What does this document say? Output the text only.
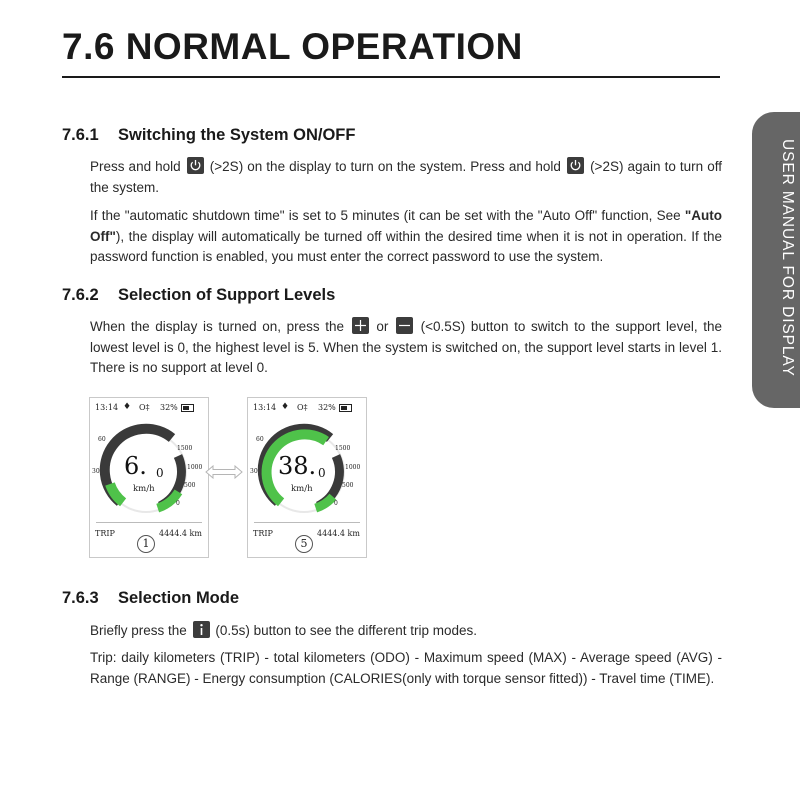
7.6 NORMAL OPERATION
USER MANUAL FOR DISPLAY
7.6.1 Switching the System ON/OFF

Press and hold (>2S) on the display to turn on the system. Press and hold (>2S) again to turn off the system.

If the "automatic shutdown time" is set to 5 minutes (it can be set with the "Auto Off" function, See "Auto Off"), the display will automatically be turned off within the desired time when it is not in operation. If the password function is enabled, you must enter the correct password to use the system.

7.6.2 Selection of Support Levels

When the display is turned on, press the or (<0.5S) button to switch to the support level, the lowest level is 0, the highest level is 5. When the system is switched on, the support level starts in level 1. There is no support at level 0.

13:14 ♦ O‡ 32%
30
60
1500
1000
500
0
6. 0
km/h
TRIP	4444.4 km
1
13:14 ♦ O‡ 32%
30
60
1500
1000
500
0
38. 0
km/h
TRIP	4444.4 km
5
7.6.3 Selection Mode

Briefly press the (0.5s) button to see the different trip modes.

Trip: daily kilometers (TRIP) - total kilometers (ODO) - Maximum speed (MAX) - Average speed (AVG) - Range (RANGE) - Energy consumption (CALORIES(only with torque sensor fitted)) - Travel time (TIME).
